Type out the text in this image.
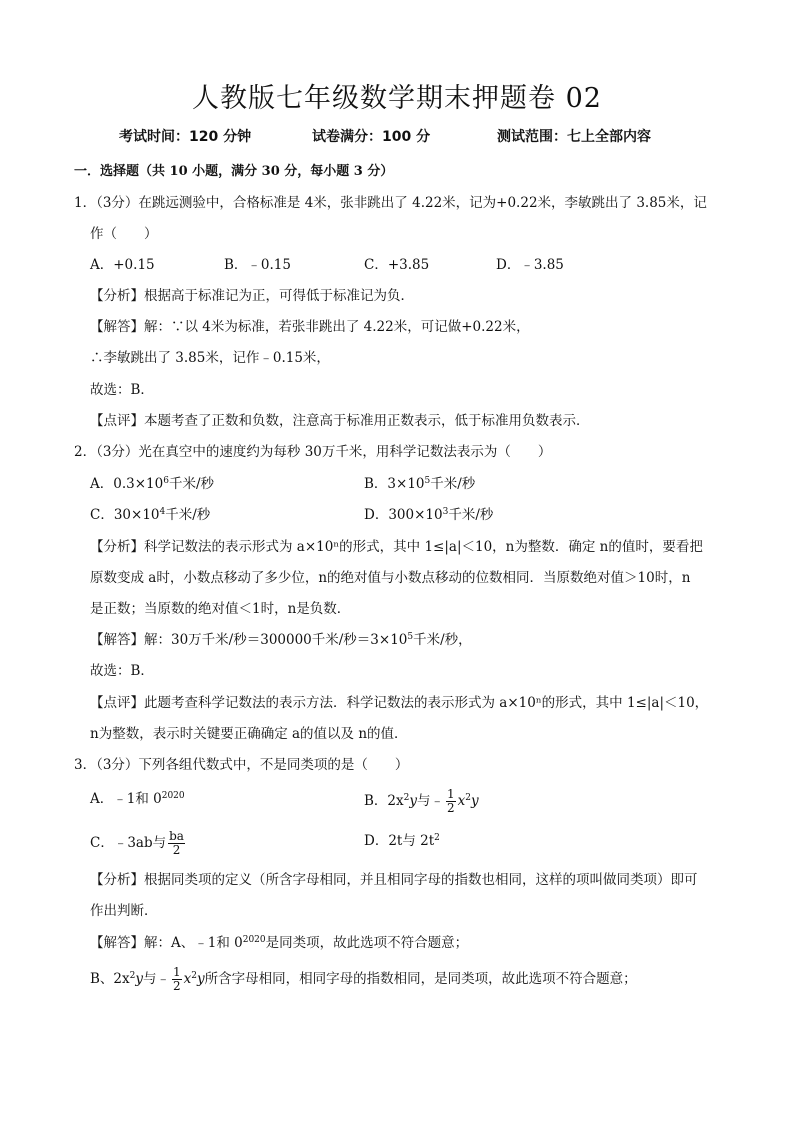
人教版七年级数学期末押题卷 02
考试时间：120 分钟	试卷满分：100 分	测试范围：七上全部内容
一．选择题（共 10 小题，满分 30 分，每小题 3 分）
1．（3分）在跳远测验中，合格标准是 4米，张非跳出了 4.22米，记为+0.22米，李敏跳出了 3.85米，记
作（　　）
A．+0.15	B．﹣0.15	C．+3.85	D．﹣3.85
【分析】根据高于标准记为正，可得低于标准记为负．
【解答】解：∵以 4米为标准，若张非跳出了 4.22米，可记做+0.22米，
∴李敏跳出了 3.85米，记作﹣0.15米，
故选：B．
【点评】本题考查了正数和负数，注意高于标准用正数表示，低于标准用负数表示．
2．（3分）光在真空中的速度约为每秒 30万千米，用科学记数法表示为（　　）
A．$0.3\times 10^6$千米/秒	B．$3\times 10^5$千米/秒
C．$30\times 10^4$千米/秒	D．$300\times 10^3$千米/秒
【分析】科学记数法的表示形式为 a×10ⁿ的形式，其中 1≤|a|＜10，n为整数．确定 n的值时，要看把
原数变成 a时，小数点移动了多少位，n的绝对值与小数点移动的位数相同．当原数绝对值＞10时，n
是正数；当原数的绝对值＜1时，n是负数．
【解答】解：30万千米/秒＝300000千米/秒$=3\times 10^5$千米/秒，
故选：B．
【点评】此题考查科学记数法的表示方法．科学记数法的表示形式为 a×10ⁿ的形式，其中 1≤|a|＜10，
n为整数，表示时关键要正确确定 a的值以及 n的值．
3．（3分）下列各组代数式中，不是同类项的是（　　）
A．﹣1和 $0^{2020}$	B．$2x^2y$与﹣ $\frac{1}{2} x^2y$
C．﹣3ab与 $\frac{ba}{2}$	D．2t与 $2t^2$
【分析】根据同类项的定义（所含字母相同，并且相同字母的指数也相同，这样的项叫做同类项）即可
作出判断．
【解答】解：A、﹣1和 $0^{2020}$是同类项，故此选项不符合题意；
B、$2x^2y$与﹣ $\frac{1}{2} x^2y$所含字母相同，相同字母的指数相同，是同类项，故此选项不符合题意；
